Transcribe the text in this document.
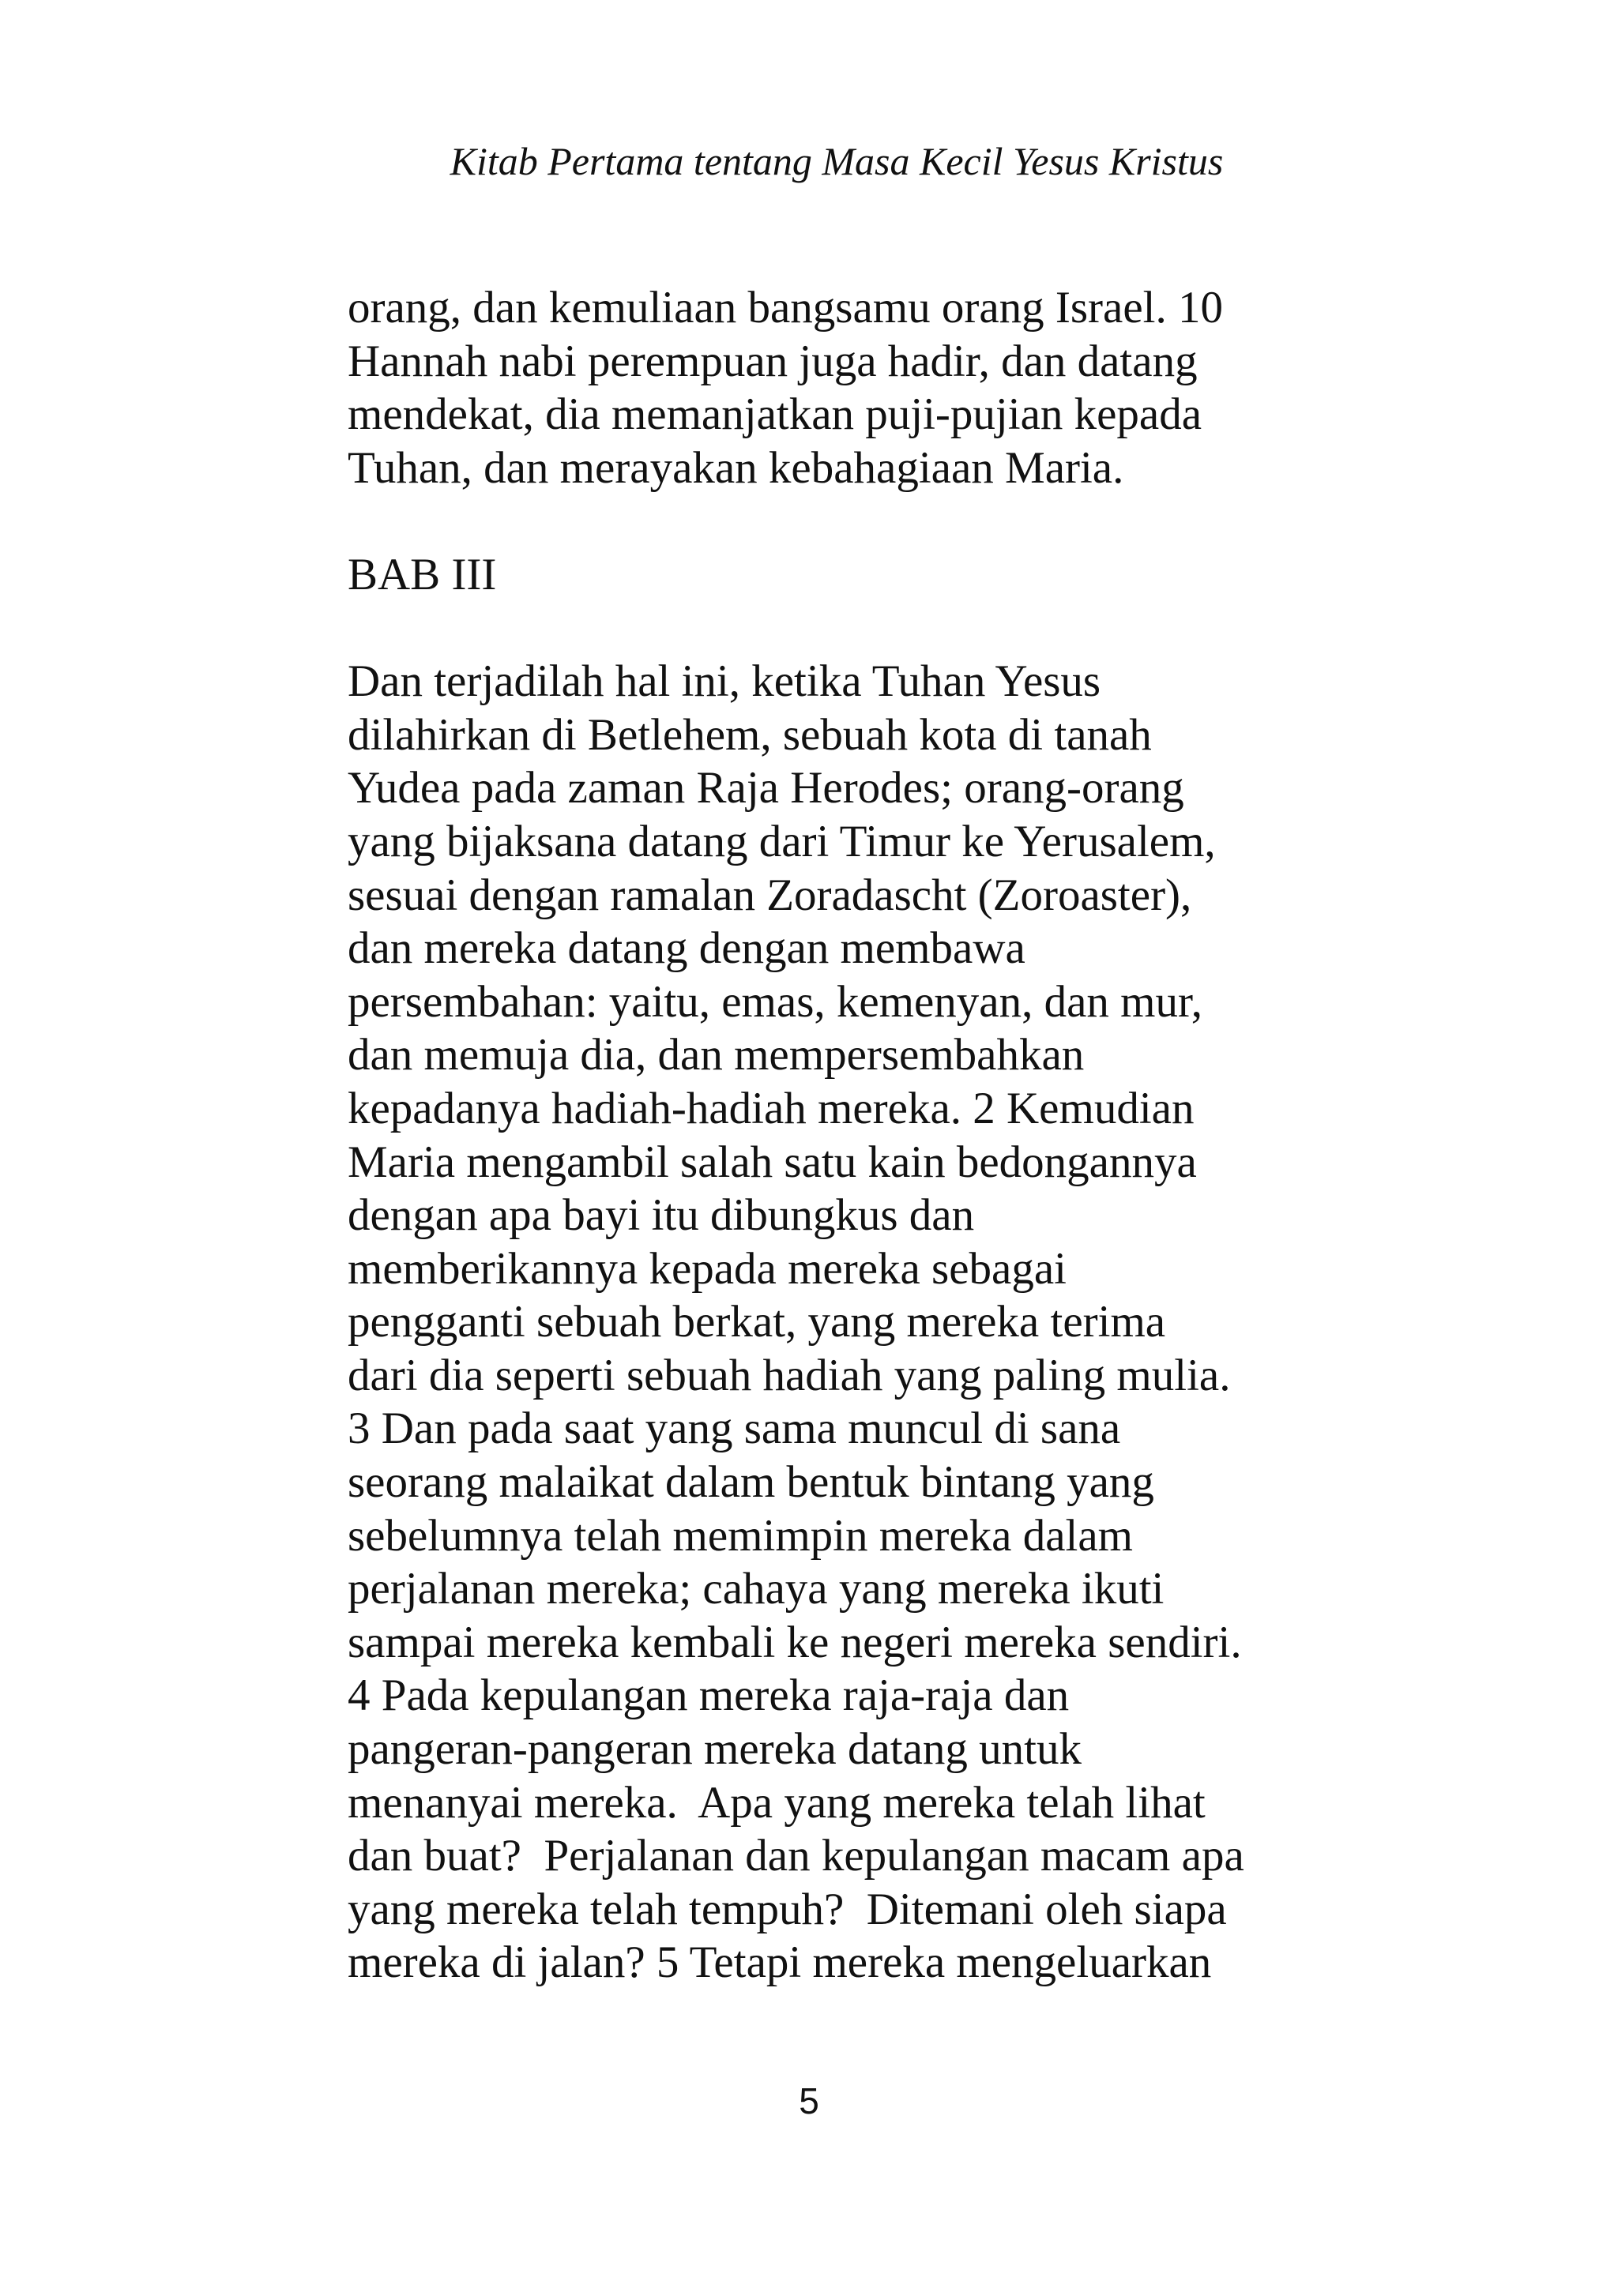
Kitab Pertama tentang Masa Kecil Yesus Kristus
orang, dan kemuliaan bangsamu orang Israel. 10
Hannah nabi perempuan juga hadir, dan datang
mendekat, dia memanjatkan puji-pujian kepada
Tuhan, dan merayakan kebahagiaan Maria.
BAB III
Dan terjadilah hal ini, ketika Tuhan Yesus
dilahirkan di Betlehem, sebuah kota di tanah
Yudea pada zaman Raja Herodes; orang-orang
yang bijaksana datang dari Timur ke Yerusalem,
sesuai dengan ramalan Zoradascht (Zoroaster),
dan mereka datang dengan membawa
persembahan: yaitu, emas, kemenyan, dan mur,
dan memuja dia, dan mempersembahkan
kepadanya hadiah-hadiah mereka. 2 Kemudian
Maria mengambil salah satu kain bedongannya
dengan apa bayi itu dibungkus dan
memberikannya kepada mereka sebagai
pengganti sebuah berkat, yang mereka terima
dari dia seperti sebuah hadiah yang paling mulia.
3 Dan pada saat yang sama muncul di sana
seorang malaikat dalam bentuk bintang yang
sebelumnya telah memimpin mereka dalam
perjalanan mereka; cahaya yang mereka ikuti
sampai mereka kembali ke negeri mereka sendiri.
4 Pada kepulangan mereka raja-raja dan
pangeran-pangeran mereka datang untuk
menanyai mereka.  Apa yang mereka telah lihat
dan buat?  Perjalanan dan kepulangan macam apa
yang mereka telah tempuh?  Ditemani oleh siapa
mereka di jalan? 5 Tetapi mereka mengeluarkan
5
